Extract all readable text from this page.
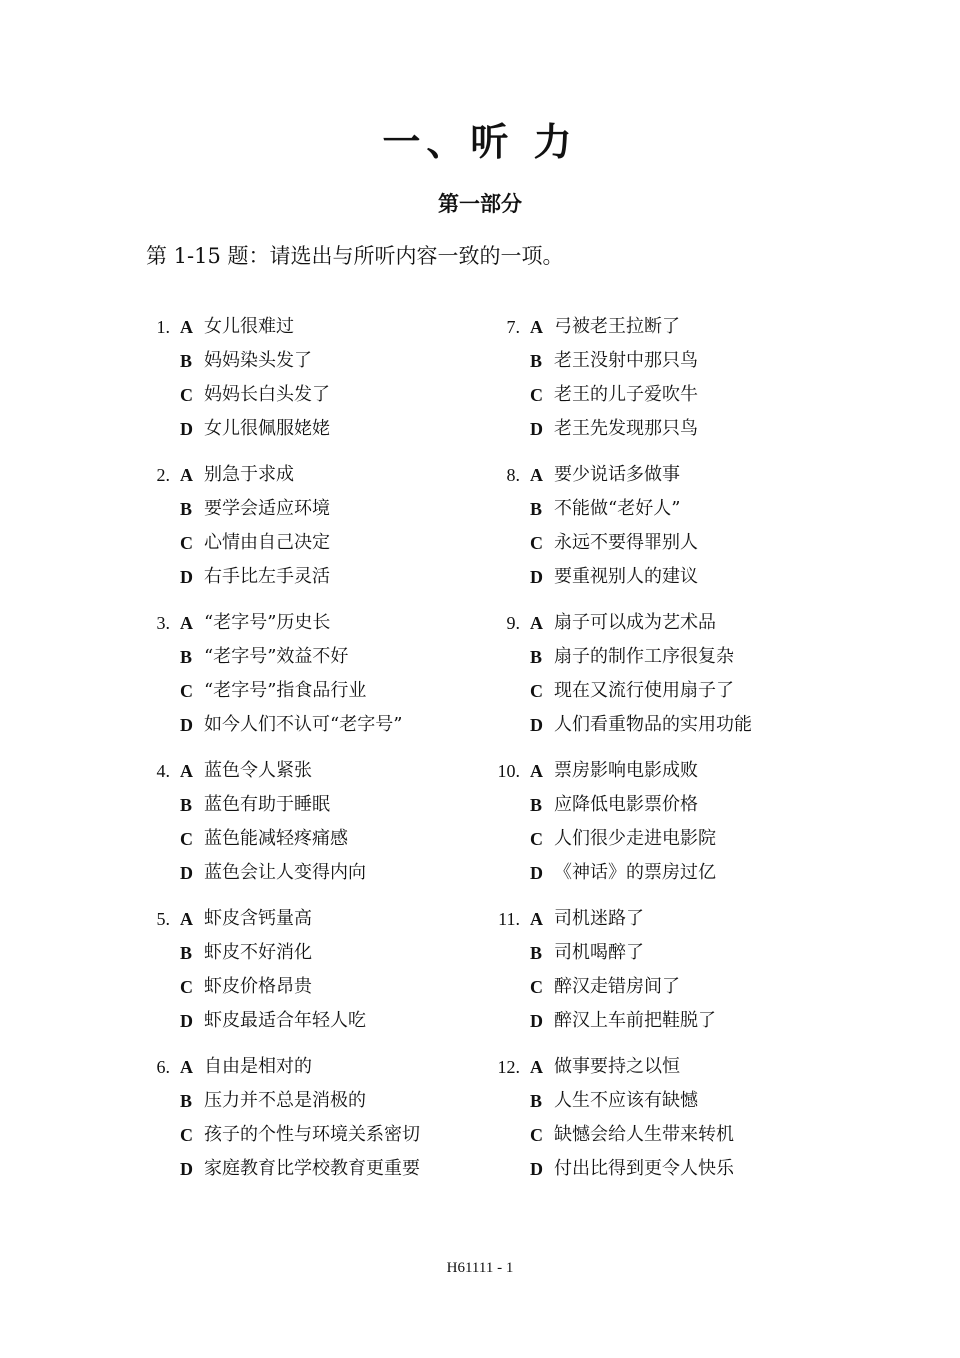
一、听 力
第一部分
第 1-15 题：请选出与所听内容一致的一项。
1. A 女儿很难过
B 妈妈染头发了
C 妈妈长白头发了
D 女儿很佩服姥姥
2. A 别急于求成
B 要学会适应环境
C 心情由自己决定
D 右手比左手灵活
3. A “老字号”历史长
B “老字号”效益不好
C “老字号”指食品行业
D 如今人们不认可“老字号”
4. A 蓝色令人紧张
B 蓝色有助于睡眠
C 蓝色能减轻疼痛感
D 蓝色会让人变得内向
5. A 虾皮含钙量高
B 虾皮不好消化
C 虾皮价格昂贵
D 虾皮最适合年轻人吃
6. A 自由是相对的
B 压力并不总是消极的
C 孩子的个性与环境关系密切
D 家庭教育比学校教育更重要
7. A 弓被老王拉断了
B 老王没射中那只鸟
C 老王的儿子爱吹牛
D 老王先发现那只鸟
8. A 要少说话多做事
B 不能做“老好人”
C 永远不要得罪别人
D 要重视别人的建议
9. A 扇子可以成为艺术品
B 扇子的制作工序很复杂
C 现在又流行使用扇子了
D 人们看重物品的实用功能
10. A 票房影响电影成败
B 应降低电影票价格
C 人们很少走进电影院
D 《神话》的票房过亿
11. A 司机迷路了
B 司机喝醉了
C 醉汉走错房间了
D 醉汉上车前把鞋脱了
12. A 做事要持之以恒
B 人生不应该有缺憾
C 缺憾会给人生带来转机
D 付出比得到更令人快乐
H61111 - 1
